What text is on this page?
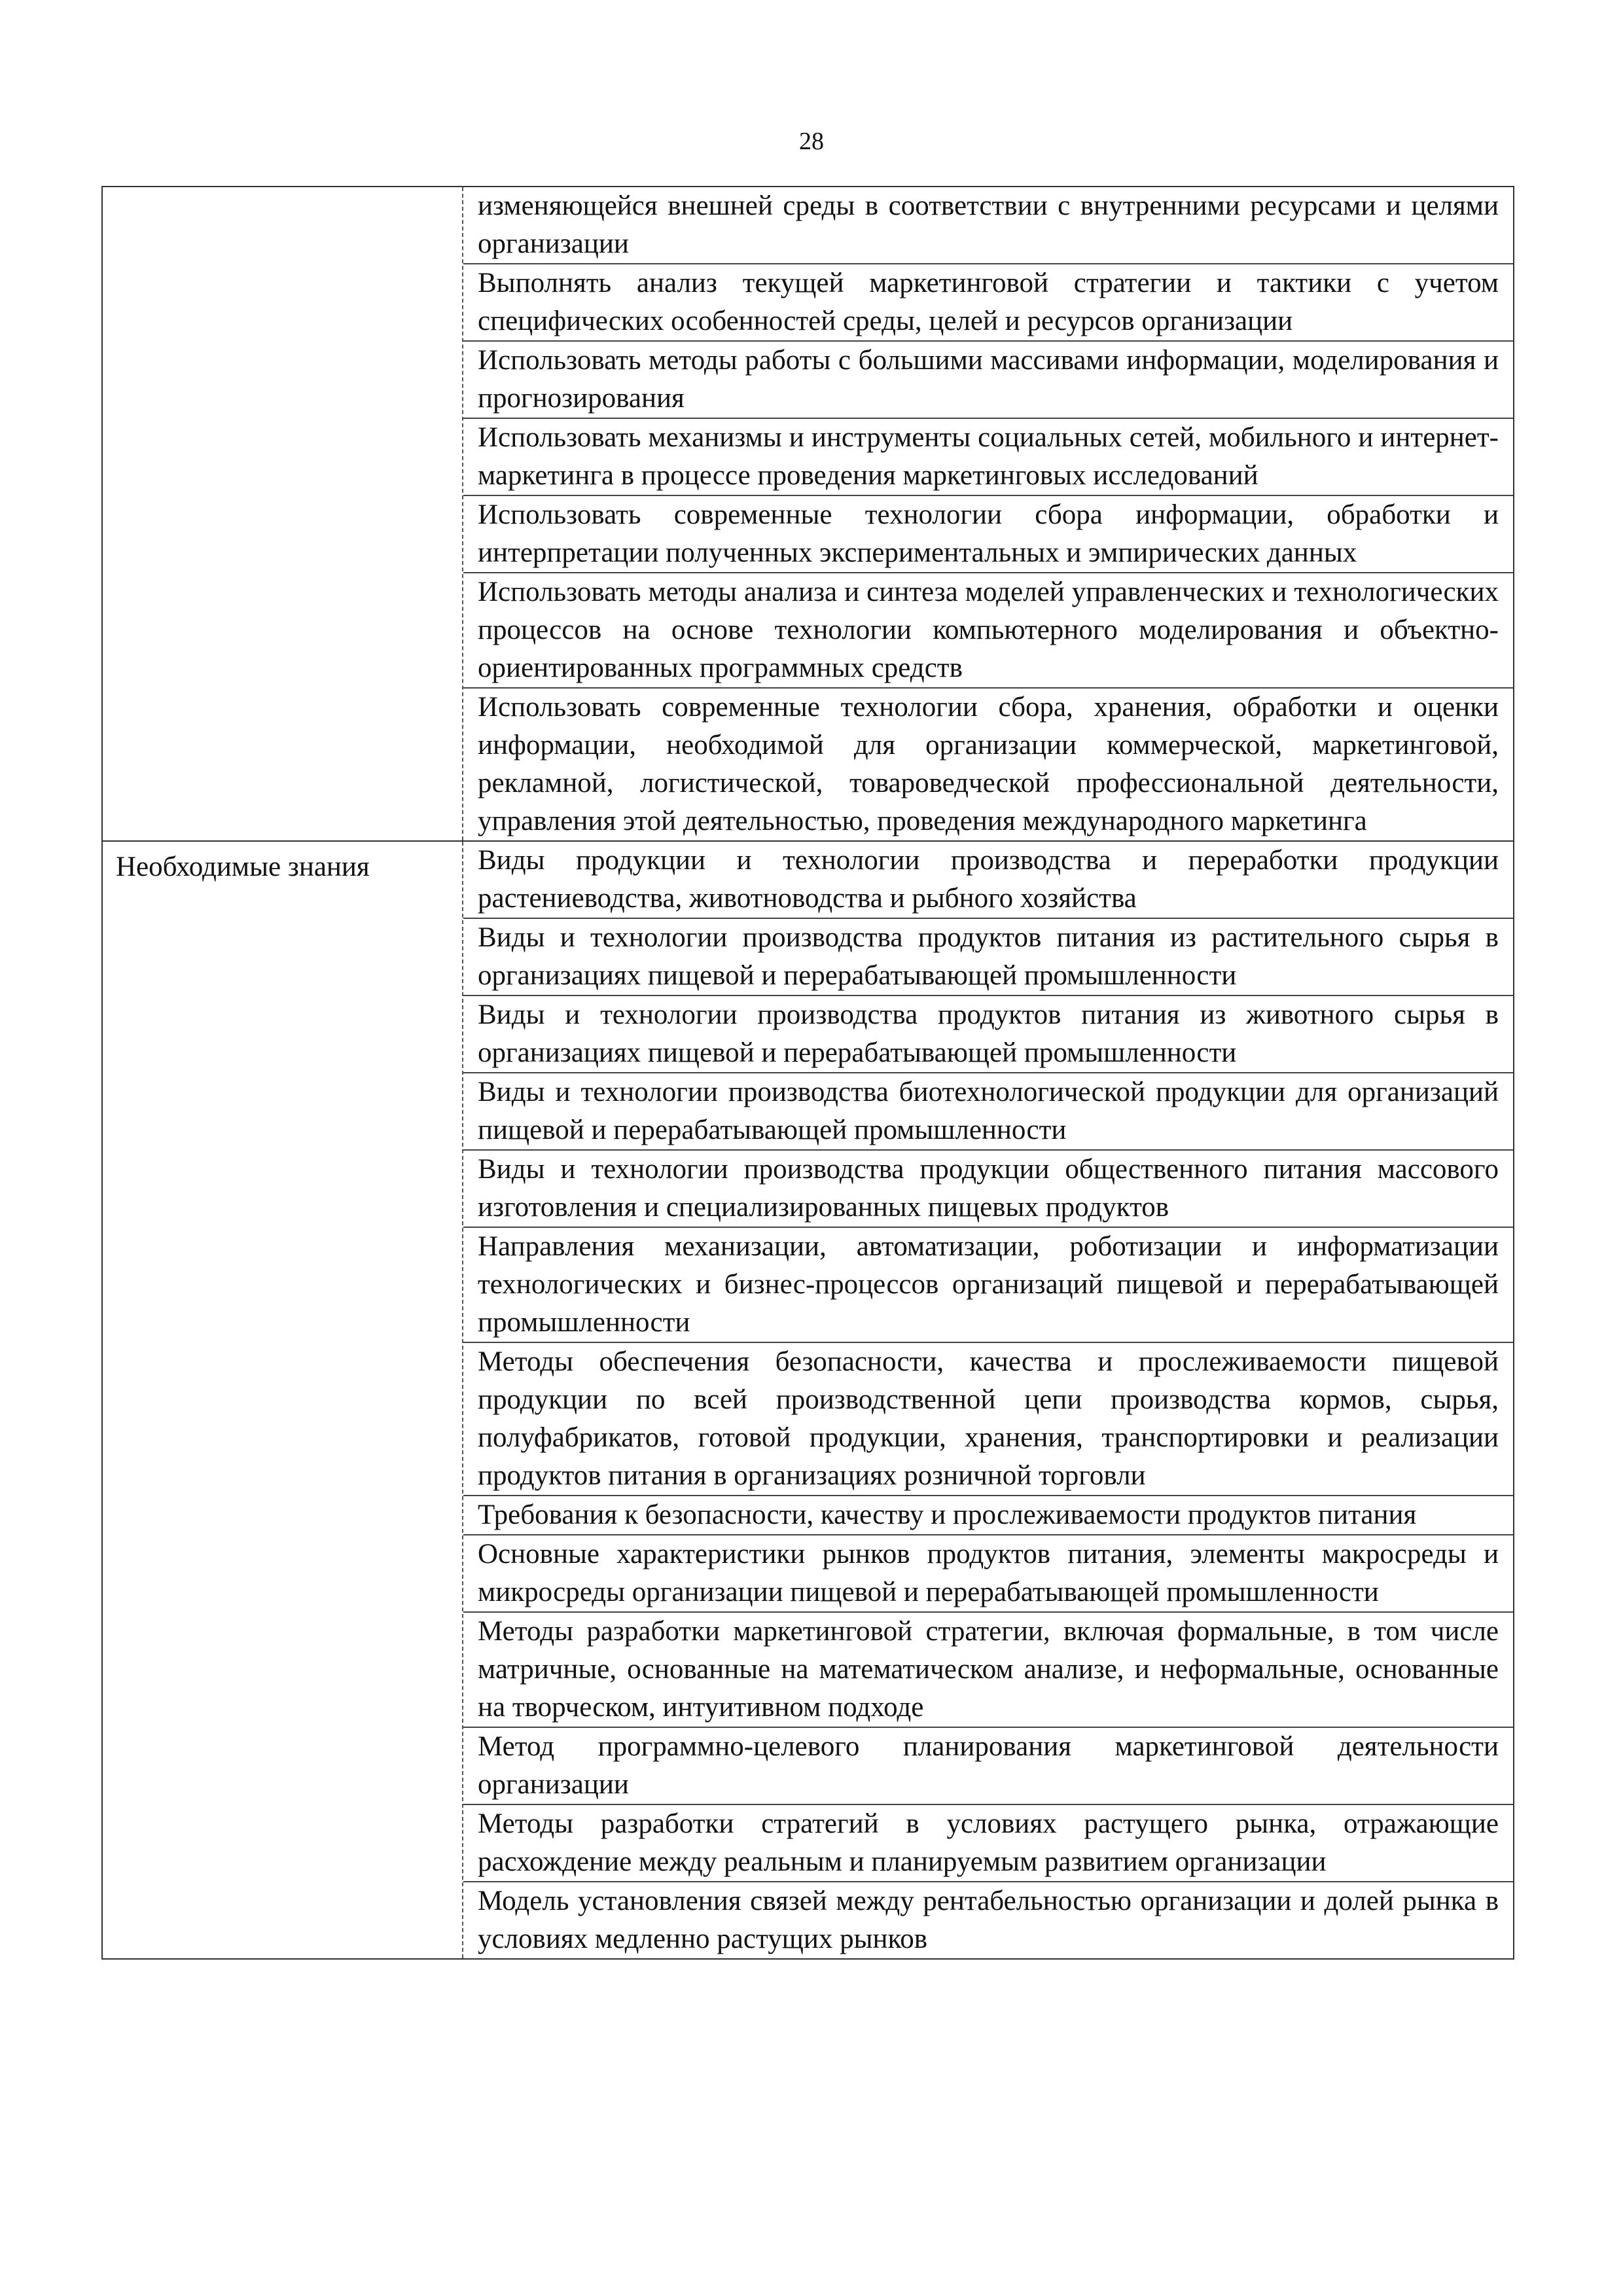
28
изменяющейся внешней среды в соответствии с внутренними ресурсами и целями организации
Выполнять анализ текущей маркетинговой стратегии и тактики с учетом специфических особенностей среды, целей и ресурсов организации
Использовать методы работы с большими массивами информации, моделирования и прогнозирования
Использовать механизмы и инструменты социальных сетей, мобильного и интернет-маркетинга в процессе проведения маркетинговых исследований
Использовать современные технологии сбора информации, обработки и интерпретации полученных экспериментальных и эмпирических данных
Использовать методы анализа и синтеза моделей управленческих и технологических процессов на основе технологии компьютерного моделирования и объектно-ориентированных программных средств
Использовать современные технологии сбора, хранения, обработки и оценки информации, необходимой для организации коммерческой, маркетинговой, рекламной, логистической, товароведческой профессиональной деятельности, управления этой деятельностью, проведения международного маркетинга
Необходимые знания	Виды продукции и технологии производства и переработки продукции растениеводства, животноводства и рыбного хозяйства
Виды и технологии производства продуктов питания из растительного сырья в организациях пищевой и перерабатывающей промышленности
Виды и технологии производства продуктов питания из животного сырья в организациях пищевой и перерабатывающей промышленности
Виды и технологии производства биотехнологической продукции для организаций пищевой и перерабатывающей промышленности
Виды и технологии производства продукции общественного питания массового изготовления и специализированных пищевых продуктов
Направления механизации, автоматизации, роботизации и информатизации технологических и бизнес-процессов организаций пищевой и перерабатывающей промышленности
Методы обеспечения безопасности, качества и прослеживаемости пищевой продукции по всей производственной цепи производства кормов, сырья, полуфабрикатов, готовой продукции, хранения, транспортировки и реализации продуктов питания в организациях розничной торговли
Требования к безопасности, качеству и прослеживаемости продуктов питания
Основные характеристики рынков продуктов питания, элементы макросреды и микросреды организации пищевой и перерабатывающей промышленности
Методы разработки маркетинговой стратегии, включая формальные, в том числе матричные, основанные на математическом анализе, и неформальные, основанные на творческом, интуитивном подходе
Метод программно-целевого планирования маркетинговой деятельности организации
Методы разработки стратегий в условиях растущего рынка, отражающие расхождение между реальным и планируемым развитием организации
Модель установления связей между рентабельностью организации и долей рынка в условиях медленно растущих рынков
